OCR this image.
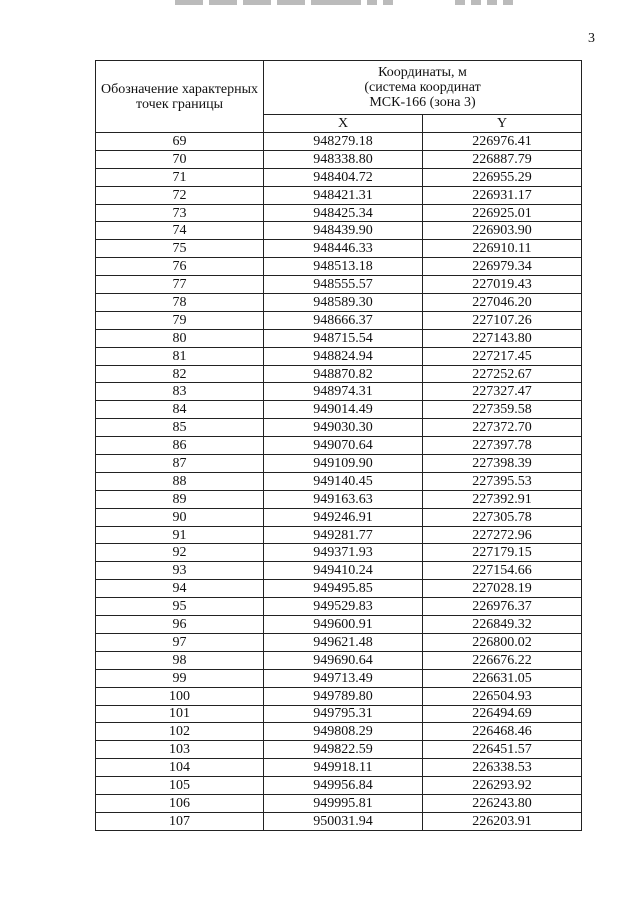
3
Обозначение характерных точек границы	Координаты, м
(система координат
МСК-166 (зона 3)	

	X	Y
69	948279.18	226976.41
70	948338.80	226887.79
71	948404.72	226955.29
72	948421.31	226931.17
73	948425.34	226925.01
74	948439.90	226903.90
75	948446.33	226910.11
76	948513.18	226979.34
77	948555.57	227019.43
78	948589.30	227046.20
79	948666.37	227107.26
80	948715.54	227143.80
81	948824.94	227217.45
82	948870.82	227252.67
83	948974.31	227327.47
84	949014.49	227359.58
85	949030.30	227372.70
86	949070.64	227397.78
87	949109.90	227398.39
88	949140.45	227395.53
89	949163.63	227392.91
90	949246.91	227305.78
91	949281.77	227272.96
92	949371.93	227179.15
93	949410.24	227154.66
94	949495.85	227028.19
95	949529.83	226976.37
96	949600.91	226849.32
97	949621.48	226800.02
98	949690.64	226676.22
99	949713.49	226631.05
100	949789.80	226504.93
101	949795.31	226494.69
102	949808.29	226468.46
103	949822.59	226451.57
104	949918.11	226338.53
105	949956.84	226293.92
106	949995.81	226243.80
107	950031.94	226203.91
